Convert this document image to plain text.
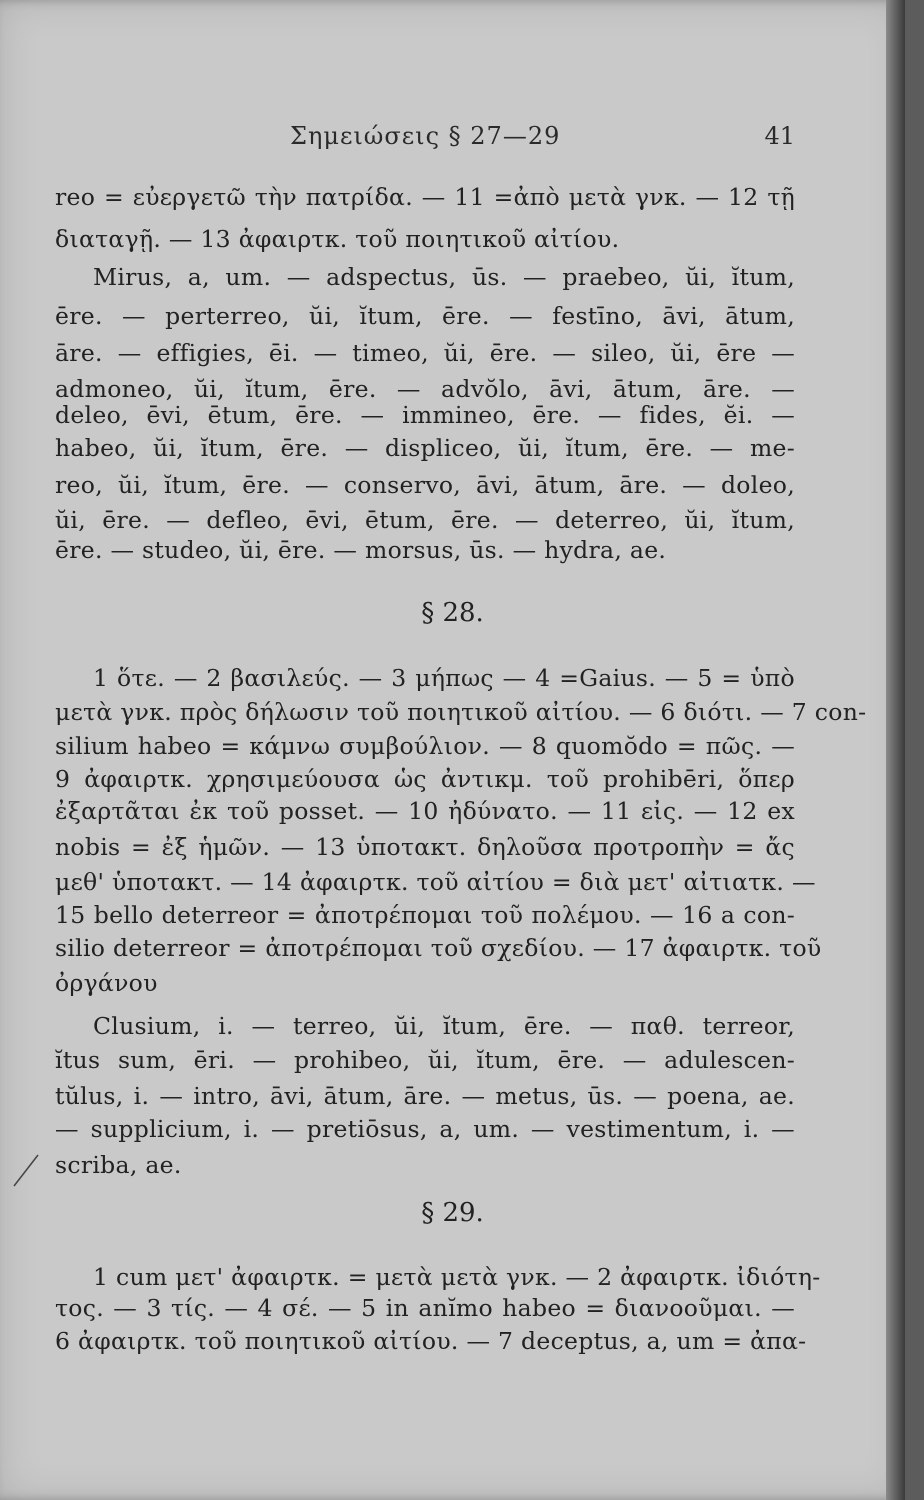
Σημειώσεις § 27—29	41
reo = εὐεργετῶ τὴν πατρίδα. — 11 =ἀπὸ μετὰ γνκ. — 12 τῇ
διαταγῇ. — 13 ἀφαιρτκ. τοῦ ποιητικοῦ αἰτίου.
Mirus, a, um. — adspectus, ūs. — praebeo, ŭi, ĭtum,
ēre. — perterreo, ŭi, ĭtum, ēre. — festīno, āvi, ātum,
āre. — effigies, ēi. — timeo, ŭi, ēre. — sileo, ŭi, ēre —
admoneo, ŭi, ĭtum, ēre. — advŏlo, āvi, ātum, āre. —
deleo, ēvi, ētum, ēre. — immineo, ēre. — fides, ĕi. —
habeo, ŭi, ĭtum, ēre. — displiceo, ŭi, ĭtum, ēre. — me-
reo, ŭi, ĭtum, ēre. — conservo, āvi, ātum, āre. — doleo,
ŭi, ēre. — defleo, ēvi, ētum, ēre. — deterreo, ŭi, ĭtum,
ēre. — studeo, ŭi, ēre. — morsus, ūs. — hydra, ae.
§ 28.
1 ὅτε. — 2 βασιλεύς. — 3 μήπως — 4 =Gaius. — 5 = ὑπὸ
μετὰ γνκ. πρὸς δήλωσιν τοῦ ποιητικοῦ αἰτίου. — 6 διότι. — 7 con-
silium habeo = κάμνω συμβούλιον. — 8 quomŏdo = πῶς. —
9 ἀφαιρτκ. χρησιμεύουσα ὡς ἀντικμ. τοῦ prohibēri, ὅπερ
ἐξαρτᾶται ἐκ τοῦ posset. — 10 ἠδύνατο. — 11 εἰς. — 12 ex
nobis = ἐξ ἡμῶν. — 13 ὑποτακτ. δηλοῦσα προτροπὴν = ἄς
μεθ' ὑποτακτ. — 14 ἀφαιρτκ. τοῦ αἰτίου = διὰ μετ' αἰτιατκ. —
15 bello deterreor = ἀποτρέπομαι τοῦ πολέμου. — 16 a con-
silio deterreor = ἀποτρέπομαι τοῦ σχεδίου. — 17 ἀφαιρτκ. τοῦ
ὀργάνου
Clusium, i. — terreo, ŭi, ĭtum, ēre. — παθ. terreor,
ĭtus sum, ēri. — prohibeo, ŭi, ĭtum, ēre. — adulescen-
tŭlus, i. — intro, āvi, ātum, āre. — metus, ūs. — poena, ae.
— supplicium, i. — pretiōsus, a, um. — vestimentum, i. —
scriba, ae.
§ 29.
1 cum μετ' ἀφαιρτκ. = μετὰ μετὰ γνκ. — 2 ἀφαιρτκ. ἰδιότη-
τος. — 3 τίς. — 4 σέ. — 5 in anĭmo habeo = διανοοῦμαι. —
6 ἀφαιρτκ. τοῦ ποιητικοῦ αἰτίου. — 7 deceptus, a, um = ἀπα-
